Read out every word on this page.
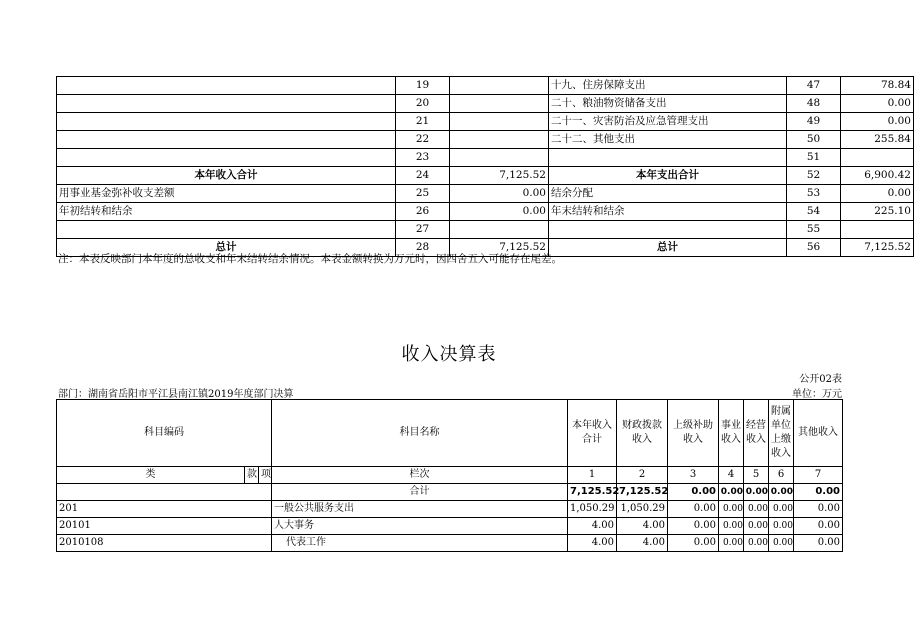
	19		十九、住房保障支出	47	78.84
	20		二十、粮油物资储备支出	48	0.00
	21		二十一、灾害防治及应急管理支出	49	0.00
	22		二十二、其他支出	50	255.84
	23			51	
本年收入合计	24	7,125.52	本年支出合计	52	6,900.42
用事业基金弥补收支差额	25	0.00	结余分配	53	0.00
年初结转和结余	26	0.00	年末结转和结余	54	225.10
	27			55	
总计	28	7,125.52	总计	56	7,125.52
注：本表反映部门本年度的总收支和年末结转结余情况。本表金额转换为万元时，因四舍五入可能存在尾差。
收入决算表
公开02表
部门：湖南省岳阳市平江县南江镇2019年度部门决算	单位：万元
科目编码			科目名称	本年收入合计	财政拨款收入	上级补助收入	事业收入	经营收入	附属单位上缴收入	其他收入
类	款	项	栏次	1	2	3	4	5	6	7
			合计	7,125.52	7,125.52	0.00	0.00	0.00	0.00	0.00
201			一般公共服务支出	1,050.29	1,050.29	0.00	0.00	0.00	0.00	0.00
20101			人大事务	4.00	4.00	0.00	0.00	0.00	0.00	0.00
2010108			代表工作	4.00	4.00	0.00	0.00	0.00	0.00	0.00
